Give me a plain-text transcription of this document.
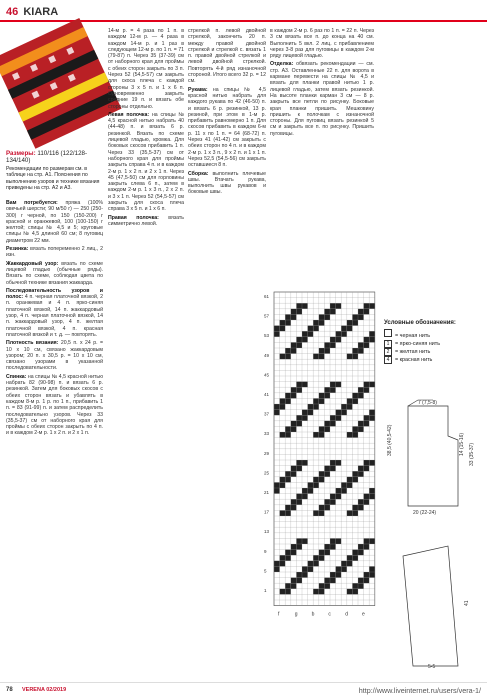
46 KIARA
Размеры: 110/116 (122/128-134/140)
Рекомендации по размерам см. в таблице на стр. А1. Пояснения по выполнению узоров и технике вязания приведены на стр. А2 и А3.

Вам потребуется: пряжа (100% овечьей шерсти; 90 м/50 г) — 250 (250-300) г черной, по 150 (150-200) г красной и оранжевой, 100 (100-150) г желтой; спицы № 4,5 и 5; круговые спицы № 4,5 длиной 60 см; 8 пуговиц диаметром 22 мм.

Резинка: вязать попеременно 2 лиц., 2 изн.

Жаккардовый узор: вязать по схеме лицевой гладью (обычные ряды). Вязать по схеме, соблюдая цвета по обычной технике вязания жаккарда.

Последовательность узоров и полос: 4 п. черная платочной вязкой, 2 п. оранжевая и 4 п. ярко-синяя платочной вязкой, 14 п. жаккардовый узор, 4 п. черная платочной вязкой, 14 п. жаккардовый узор, 4 п. желтая платочной вязкой, 4 п. красная платочной вязкой и т. д. — повторять.

Плотность вязания: 20,5 п. х 24 р. = 10 х 10 см, связано жаккардовым узором; 20 п. х 30,5 р. = 10 х 10 см, связано узорами в указанной последовательности.

Спинка: на спицы № 4,5 красной нитью набрать 82 (90-98) п. и вязать 6 р. резинкой. Затем для боковых скосов с обеих сторон вязать и убавлять в каждом 8-м р. 1 р. по 1 п., прибавить 1 п. = 83 (91-99) п. и затем распределить последовательно узоров. Через 33 (35,5-37) см от наборного края для проймы с обеих сторон закрыть по 4 п. и в каждом 2-м р. 1 х 2 п. и 2 х 1 п.

14-м р. = 4 раза по 1 п. в каждом 12-м р. — 4 раза в каждом 14-м р. и 1 раз в следующем 12-м р. по 1 п. = 71 (79-87) п. Через 35 (37-39) см от наборного края для проймы с обеих сторон закрыть по 3 п. Через 52 (54,5-57) см закрыть для скоса плеча с каждой стороны 3 х 5 п. и 1 х 6 п. Одновременно закрыть средние 19 п. и вязать обе стороны отдельно.

Левая полочка: на спицы № 4,5 красной нитью набрать 40 (44-48) п. и вязать 6 р. резинкой. Вязать по схеме лицевой гладью, кромка. Для боковых скосов прибавить 1 п. Через 33 (35,5-37) см от наборного края для проймы закрыть справа 4 п. и в каждом 2-м р. 1 х 2 п. и 2 х 1 п. Через 45 (47,5-50) см для горловины закрыть слева 6 п., затем в каждом 2-м р. 1 х 3 п., 2 х 2 п. и 3 х 1 п. Через 52 (54,5-57) см закрыть для скоса плеча справа 3 х 5 п. и 1 х 6 п.

Правая полочка: вязать симметрично левой.

стрелкой п. левой двойной стрелкой, закончить 20 п. между правой двойной стрелкой и стрелкой с. вязать 1 п. правой двойной стрелкой и левой двойной стрелкой. Повторять 4-й ряд изнаночной стороной. Итого всего 32 р. = 12 см.

Рукава: на спицы № 4,5 красной нитью набрать для каждого рукава по 42 (46-50) п. и вязать 6 р. резинкой, 13 р. резиной, при этом в 1-м р. прибавить равномерно 1 п. Для скосов прибавить в каждом 6-м р. 11 х по 1 п. = 64 (68-72) п. Через 41 (41-42) см закрыть с обеих сторон по 4 п. и в каждом 2-м р. 1 х 3 п., 9 х 2 п. и 1 х 1 п. Через 52,5 (54,5-56) см закрыть оставшиеся 8 п.

Сборка: выполнить плечевые швы. Втачать рукава, выполнить швы рукавов и боковые швы.

в каждом 2-м р. 6 раз по 1 п. = 22 п. Через 3 см вязать все п. до конца на 40 см. Выполнить 5 вкл. 2 лиц. с прибавлением через 3-8 раз для пуговицы в каждом 2-м ряду лицевой гладью.

Отделка: обвязать рекомендации — см. стр. А3. Оставленные 22 п. для ворота в кармане перевести на спицы № 4,5 и вязать для планки правой нитью 1 р. лицевой гладью, затем вязать резинкой. На высоте планки карман 3 см — 8 р. закрыть все петли по рисунку. Боковые края планки пришить. Мешковину пришить к полочкам с изнаночной стороны. Для пуговиц вязать резинкой 5 см и закрыть все п. по рисунку. Пришить пуговицы.

61
57
53
49
45
41
37
33
29
25
21
17
13
9
5
1
f	g	b	c	d	e
Условные обозначения:
= черная нить
1 = ярко-синяя нить
2 = желтая нить
4 = красная нить
38,5 (40,5-42)	14 (15-16) 33 (35-37)
20 (22-24)
7 (7,5-8)
41
5-5
78 VERENA 02/2019	http://www.liveinternet.ru/users/vera-1/
